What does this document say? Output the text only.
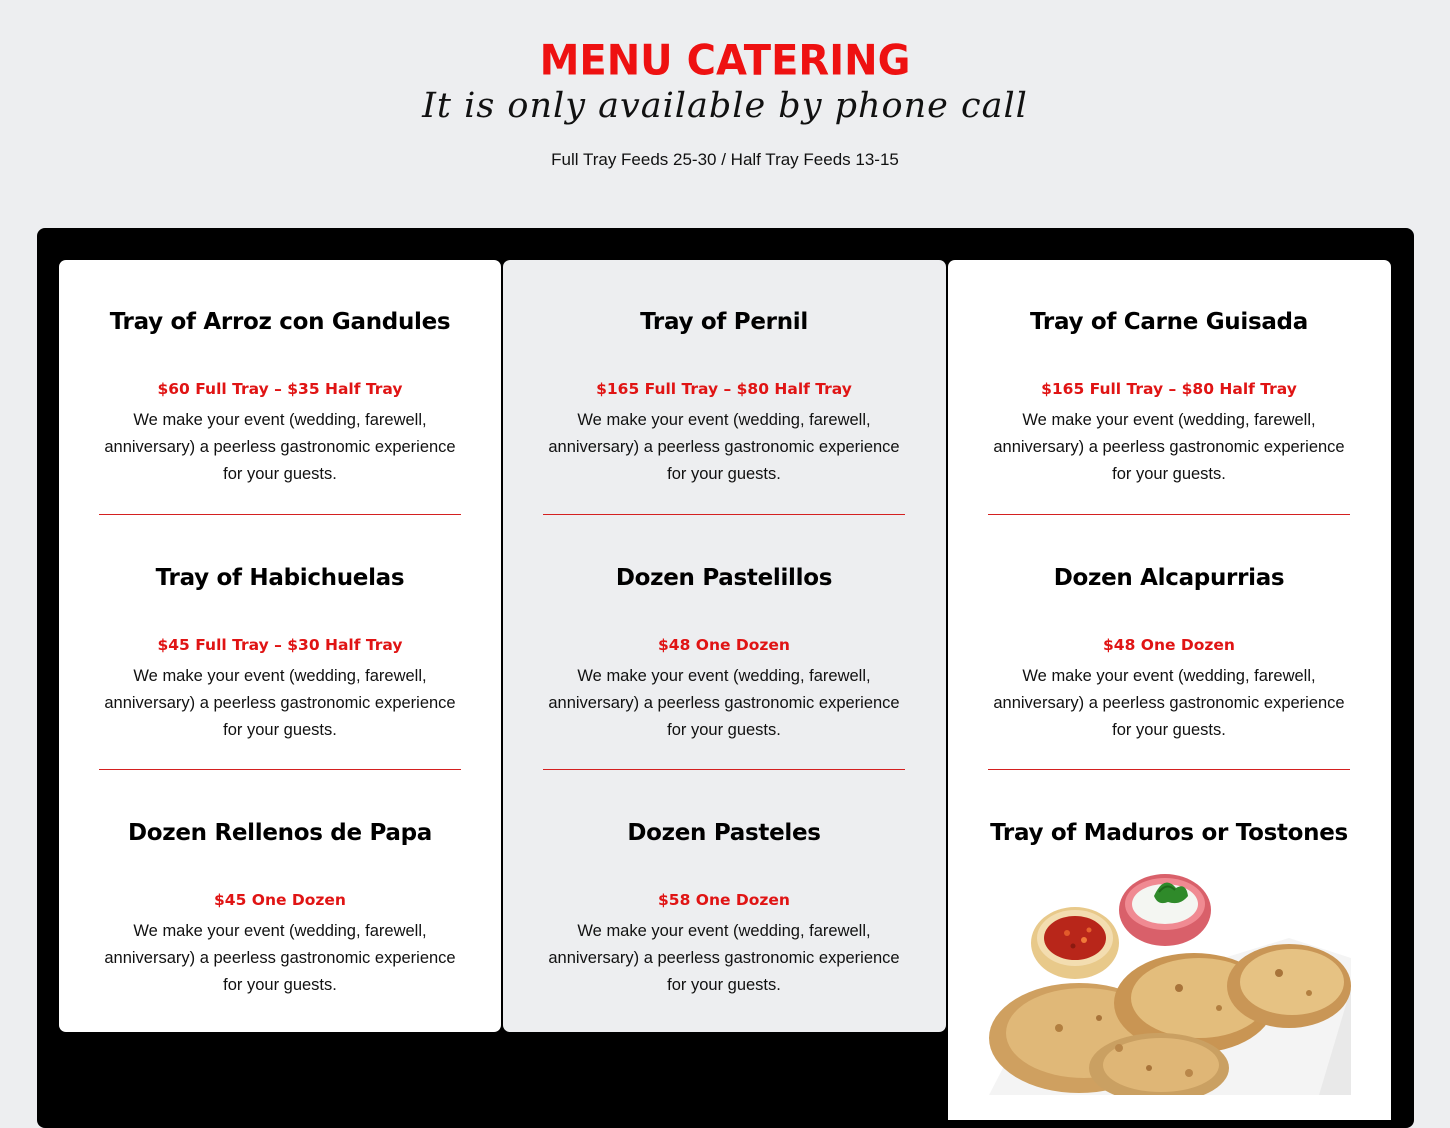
MENU CATERING
It is only available by phone call
Full Tray Feeds 25-30 / Half Tray Feeds 13-15
Tray of Arroz con Gandules
$60 Full Tray – $35 Half Tray
We make your event (wedding, farewell, anniversary) a peerless gastronomic experience for your guests.
Tray of Pernil
$165 Full Tray – $80 Half Tray
We make your event (wedding, farewell, anniversary) a peerless gastronomic experience for your guests.
Tray of Carne Guisada
$165 Full Tray – $80 Half Tray
We make your event (wedding, farewell, anniversary) a peerless gastronomic experience for your guests.
Tray of Habichuelas
$45 Full Tray – $30 Half Tray
We make your event (wedding, farewell, anniversary) a peerless gastronomic experience for your guests.
Dozen Pastelillos
$48 One Dozen
We make your event (wedding, farewell, anniversary) a peerless gastronomic experience for your guests.
Dozen Alcapurrias
$48 One Dozen
We make your event (wedding, farewell, anniversary) a peerless gastronomic experience for your guests.
Dozen Rellenos de Papa
$45 One Dozen
We make your event (wedding, farewell, anniversary) a peerless gastronomic experience for your guests.
Dozen Pasteles
$58 One Dozen
We make your event (wedding, farewell, anniversary) a peerless gastronomic experience for your guests.
Tray of Maduros or Tostones
